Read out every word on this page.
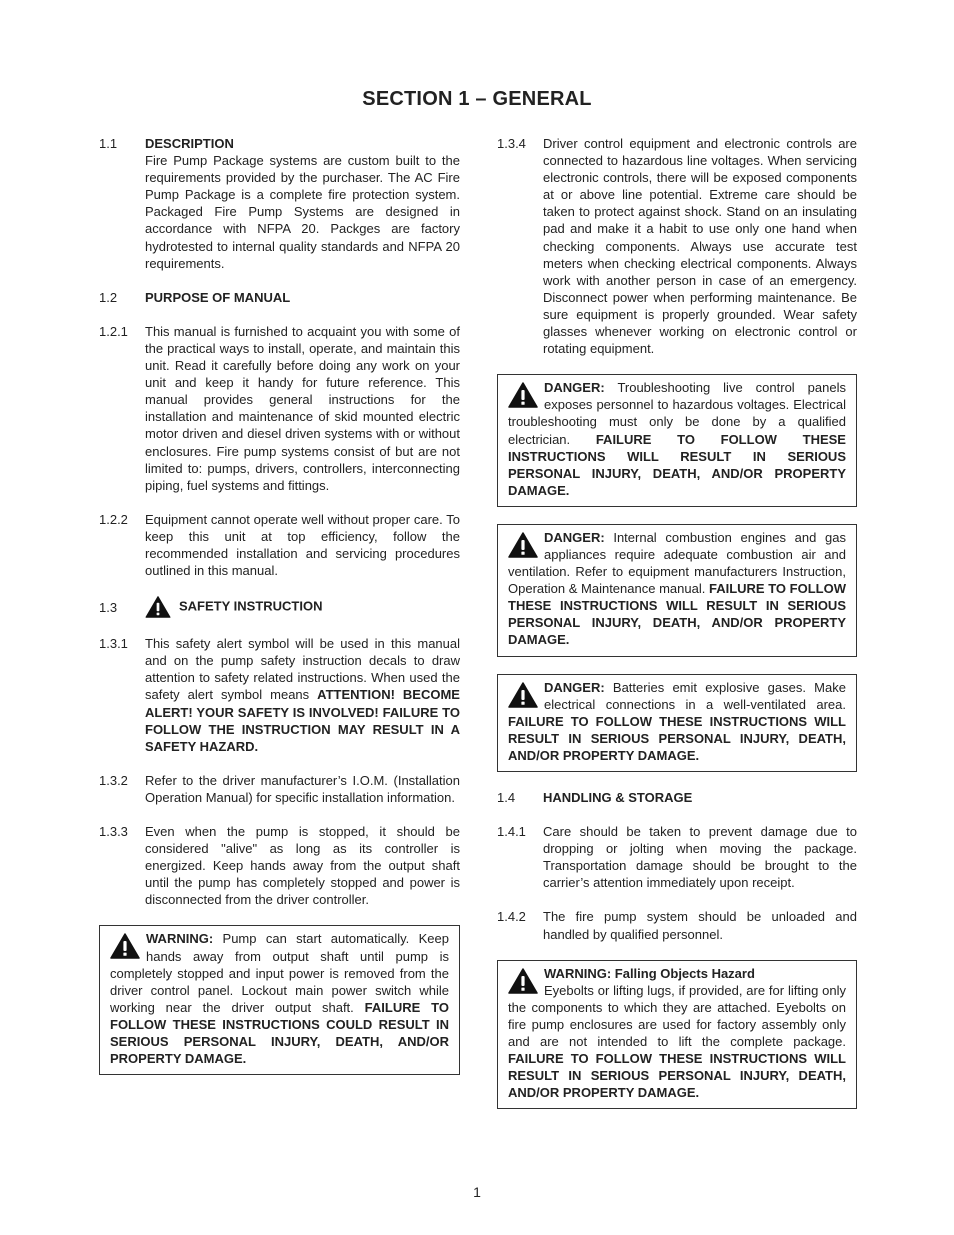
SECTION 1 – GENERAL
1.1	DESCRIPTION
Fire Pump Package systems are custom built to the requirements provided by the purchaser. The AC Fire Pump Package is a complete fire protection system. Packaged Fire Pump Systems are designed in accordance with NFPA 20. Packges are factory hydrotested to internal quality standards and NFPA 20 requirements.
1.2	PURPOSE OF MANUAL
1.2.1	This manual is furnished to acquaint you with some of the practical ways to install, operate, and maintain this unit. Read it carefully before doing any work on your unit and keep it handy for future reference. This manual provides general instructions for the installation and maintenance of skid mounted electric motor driven and diesel driven systems with or without enclosures. Fire pump systems consist of but are not limited to: pumps, drivers, controllers, interconnecting piping, fuel systems and fittings.
1.2.2	Equipment cannot operate well without proper care. To keep this unit at top efficiency, follow the recommended installation and servicing procedures outlined in this manual.
1.3	SAFETY INSTRUCTION
1.3.1	This safety alert symbol will be used in this manual and on the pump safety instruction decals to draw attention to safety related instructions. When used the safety alert symbol means ATTENTION! BECOME ALERT! YOUR SAFETY IS INVOLVED! FAILURE TO FOLLOW THE INSTRUCTION MAY RESULT IN A SAFETY HAZARD.
1.3.2	Refer to the driver manufacturer’s I.O.M. (Installation Operation Manual) for specific installation information.
1.3.3	Even when the pump is stopped, it should be considered "alive" as long as its controller is energized. Keep hands away from the output shaft until the pump has completely stopped and power is disconnected from the driver controller.
WARNING: Pump can start automatically. Keep hands away from output shaft until pump is completely stopped and input power is removed from the driver control panel. Lockout main power switch while working near the driver output shaft. FAILURE TO FOLLOW THESE INSTRUCTIONS COULD RESULT IN SERIOUS PERSONAL INJURY, DEATH, AND/OR PROPERTY DAMAGE.
1.3.4	Driver control equipment and electronic controls are connected to hazardous line voltages. When servicing electronic controls, there will be exposed components at or above line potential. Extreme care should be taken to protect against shock. Stand on an insulating pad and make it a habit to use only one hand when checking components. Always use accurate test meters when checking electrical components. Always work with another person in case of an emergency. Disconnect power when performing maintenance. Be sure equipment is properly grounded. Wear safety glasses whenever working on electronic control or rotating equipment.
DANGER: Troubleshooting live control panels exposes personnel to hazardous voltages. Electrical troubleshooting must only be done by a qualified electrician. FAILURE TO FOLLOW THESE INSTRUCTIONS WILL RESULT IN SERIOUS PERSONAL INJURY, DEATH, AND/OR PROPERTY DAMAGE.
DANGER: Internal combustion engines and gas appliances require adequate combustion air and ventilation. Refer to equipment manufacturers Instruction, Operation & Maintenance manual. FAILURE TO FOLLOW THESE INSTRUCTIONS WILL RESULT IN SERIOUS PERSONAL INJURY, DEATH, AND/OR PROPERTY DAMAGE.
DANGER: Batteries emit explosive gases. Make electrical connections in a well-ventilated area. FAILURE TO FOLLOW THESE INSTRUCTIONS WILL RESULT IN SERIOUS PERSONAL INJURY, DEATH, AND/OR PROPERTY DAMAGE.
1.4	HANDLING & STORAGE
1.4.1	Care should be taken to prevent damage due to dropping or jolting when moving the package. Transportation damage should be brought to the carrier’s attention immediately upon receipt.
1.4.2	The fire pump system should be unloaded and handled by qualified personnel.
WARNING: Falling Objects Hazard
Eyebolts or lifting lugs, if provided, are for lifting only the components to which they are attached. Eyebolts on fire pump enclosures are used for factory assembly only and are not intended to lift the complete package. FAILURE TO FOLLOW THESE INSTRUCTIONS WILL RESULT IN SERIOUS PERSONAL INJURY, DEATH, AND/OR PROPERTY DAMAGE.
1
